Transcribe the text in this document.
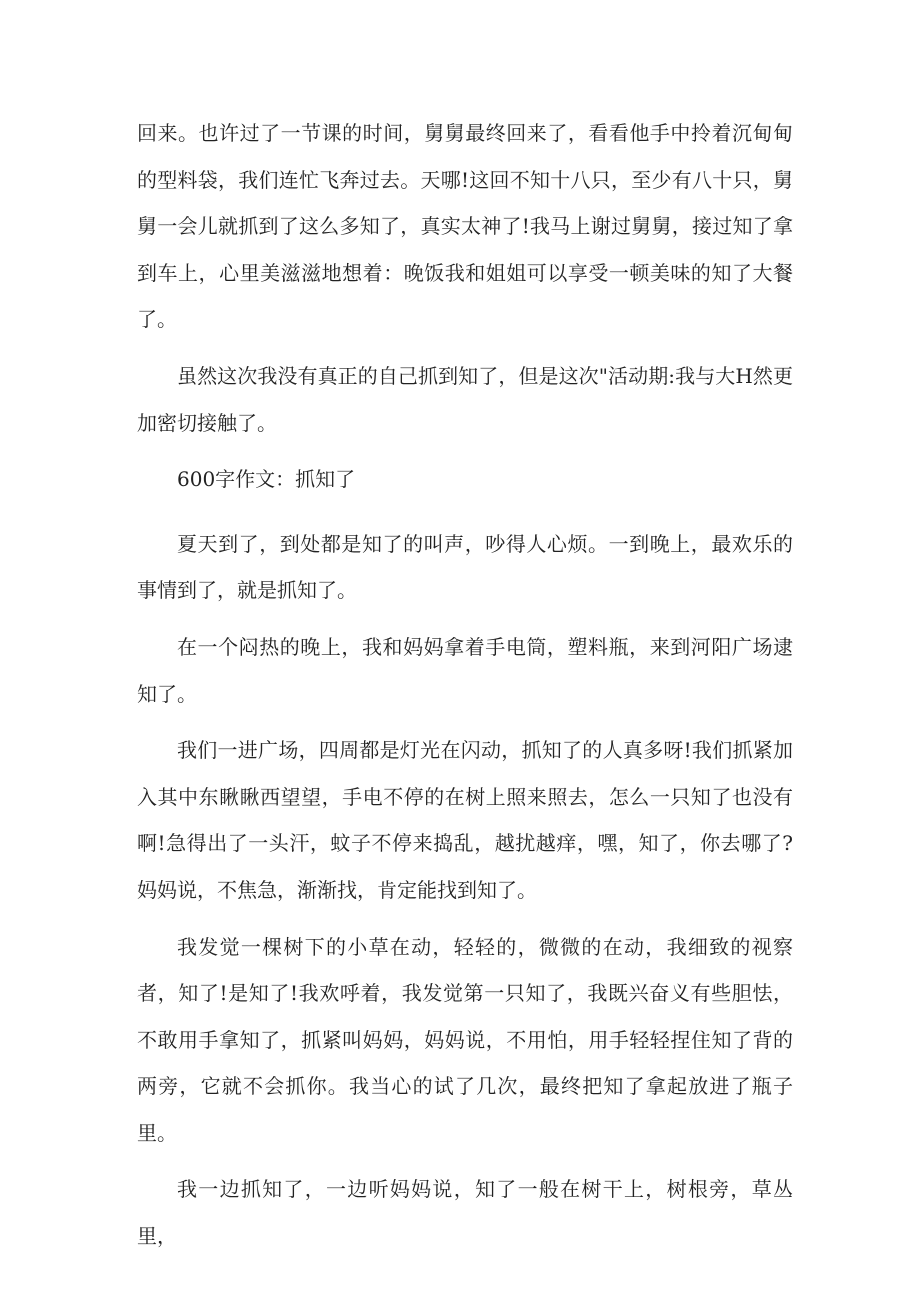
回来。也许过了一节课的时间，舅舅最终回来了，看看他手中拎着沉甸甸的型料袋，我们连忙飞奔过去。天哪!这回不知十八只，至少有八十只，舅舅一会儿就抓到了这么多知了，真实太神了!我马上谢过舅舅，接过知了拿到车上，心里美滋滋地想着：晚饭我和姐姐可以享受一顿美味的知了大餐了。

虽然这次我没有真正的自己抓到知了，但是这次"活动期:我与大H然更加密切接触了。

600字作文：抓知了

夏天到了，到处都是知了的叫声，吵得人心烦。一到晚上，最欢乐的事情到了，就是抓知了。

在一个闷热的晚上，我和妈妈拿着手电筒，塑料瓶，来到河阳广场逮知了。

我们一进广场，四周都是灯光在闪动，抓知了的人真多呀!我们抓紧加入其中东瞅瞅西望望，手电不停的在树上照来照去，怎么一只知了也没有啊!急得出了一头汗，蚊子不停来捣乱，越扰越痒，嘿，知了，你去哪了?妈妈说，不焦急，渐渐找，肯定能找到知了。

我发觉一棵树下的小草在动，轻轻的，微微的在动，我细致的视察者，知了!是知了!我欢呼着，我发觉第一只知了，我既兴奋义有些胆怯，不敢用手拿知了，抓紧叫妈妈，妈妈说，不用怕，用手轻轻捏住知了背的两旁，它就不会抓你。我当心的试了几次，最终把知了拿起放进了瓶子里。

我一边抓知了，一边听妈妈说，知了一般在树干上，树根旁，草丛里，
